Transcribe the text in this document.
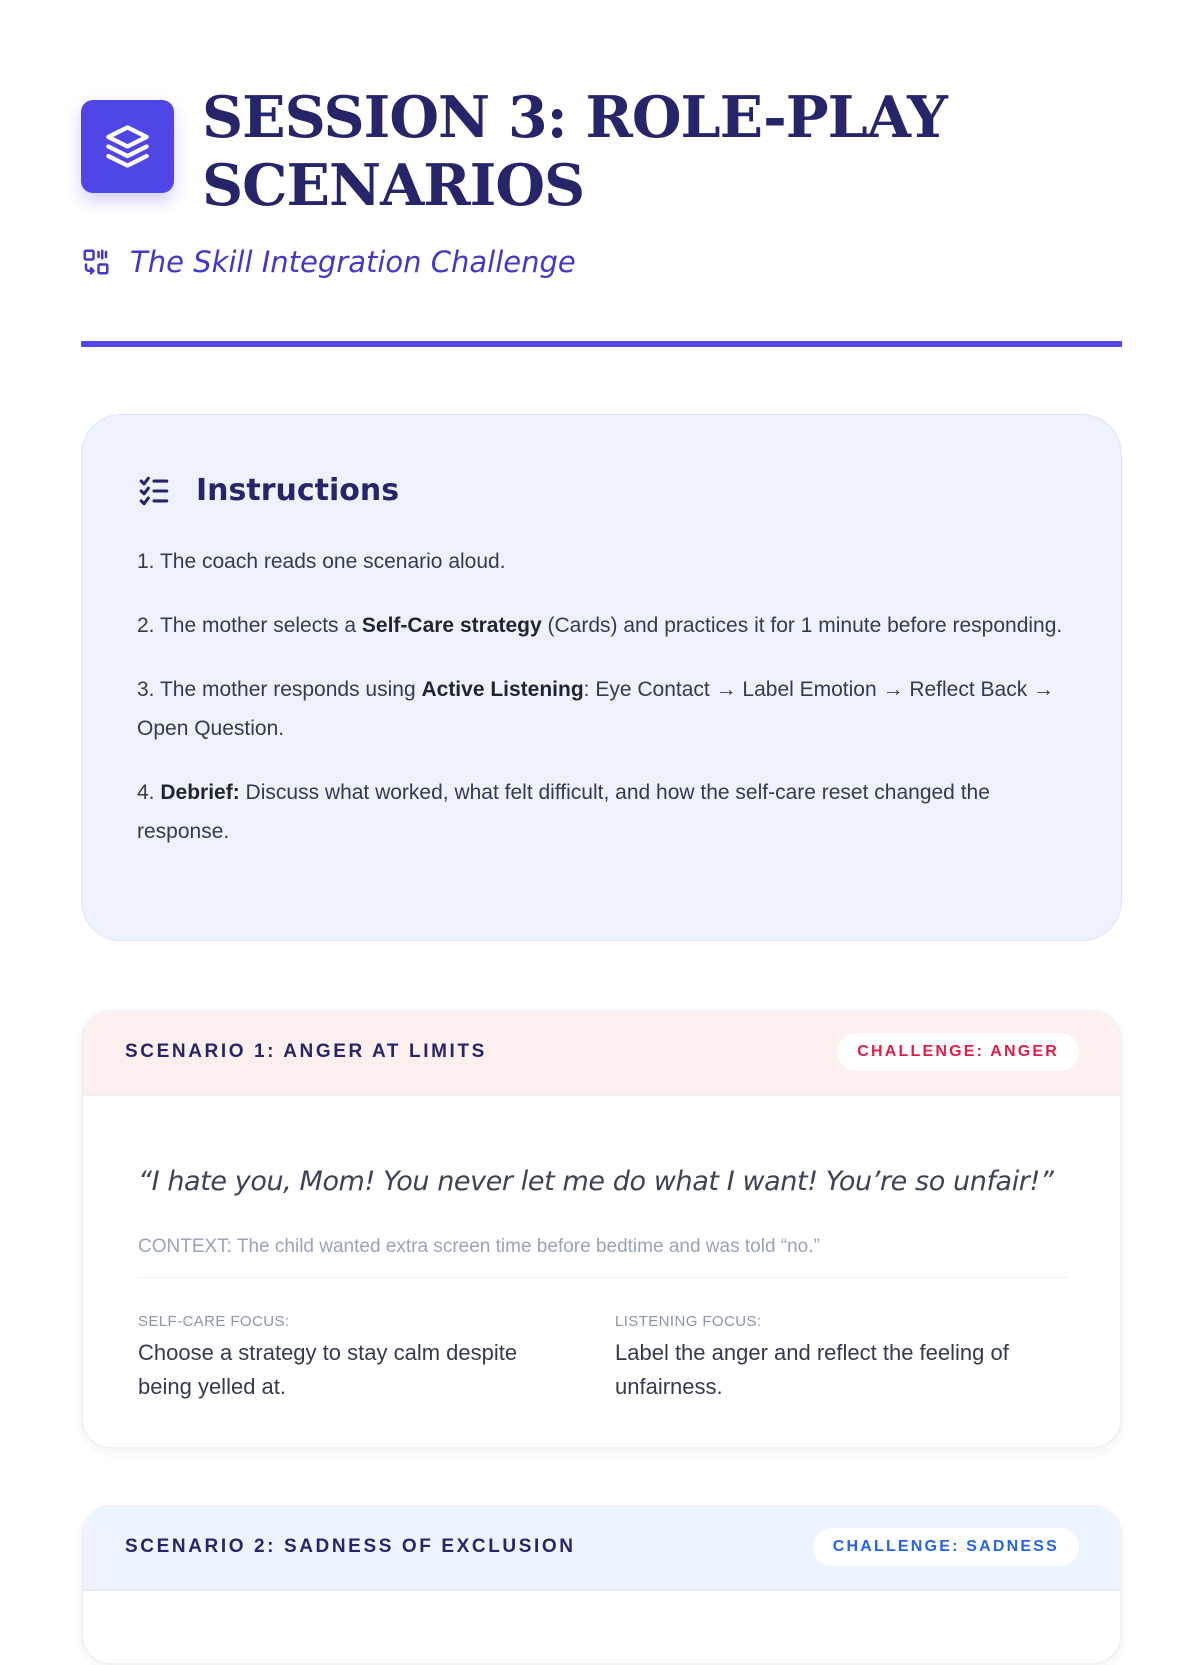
SESSION 3: ROLE-PLAY SCENARIOS
The Skill Integration Challenge
Instructions

1. The coach reads one scenario aloud.

2. The mother selects a Self-Care strategy (Cards) and practices it for 1 minute before responding.

3. The mother responds using Active Listening: Eye Contact → Label Emotion → Reflect Back → Open Question.

4. Debrief: Discuss what worked, what felt difficult, and how the self-care reset changed the response.

SCENARIO 1: ANGER AT LIMITS	CHALLENGE: ANGER

“I hate you, Mom! You never let me do what I want! You’re so unfair!”

CONTEXT: The child wanted extra screen time before bedtime and was told “no.”
SELF-CARE FOCUS:
Choose a strategy to stay calm despite being yelled at.
LISTENING FOCUS:
Label the anger and reflect the feeling of unfairness.
SCENARIO 2: SADNESS OF EXCLUSION	CHALLENGE: SADNESS
